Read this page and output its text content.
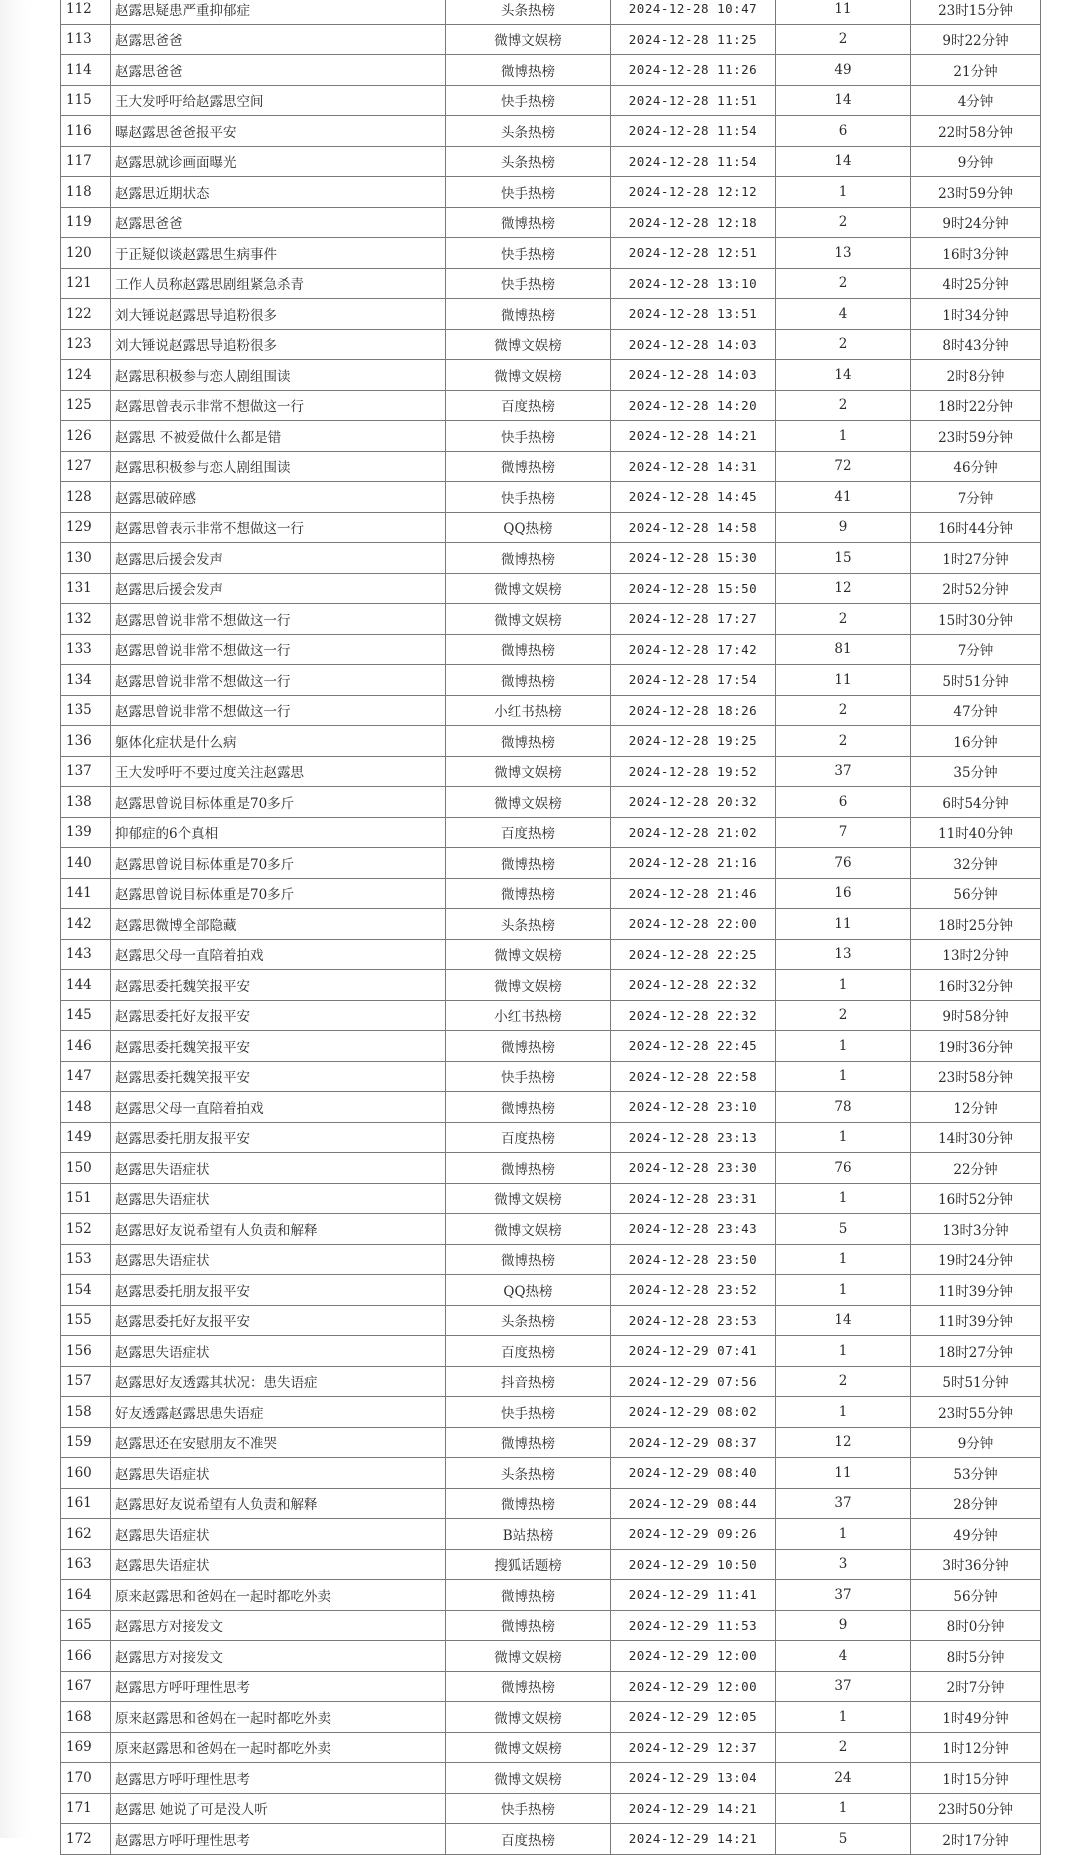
112	赵露思疑患严重抑郁症	头条热榜	2024-12-28 10:47	11	23时15分钟
113	赵露思爸爸	微博文娱榜	2024-12-28 11:25	2	9时22分钟
114	赵露思爸爸	微博热榜	2024-12-28 11:26	49	21分钟
115	王大发呼吁给赵露思空间	快手热榜	2024-12-28 11:51	14	4分钟
116	曝赵露思爸爸报平安	头条热榜	2024-12-28 11:54	6	22时58分钟
117	赵露思就诊画面曝光	头条热榜	2024-12-28 11:54	14	9分钟
118	赵露思近期状态	快手热榜	2024-12-28 12:12	1	23时59分钟
119	赵露思爸爸	微博热榜	2024-12-28 12:18	2	9时24分钟
120	于正疑似谈赵露思生病事件	快手热榜	2024-12-28 12:51	13	16时3分钟
121	工作人员称赵露思剧组紧急杀青	快手热榜	2024-12-28 13:10	2	4时25分钟
122	刘大锤说赵露思导追粉很多	微博热榜	2024-12-28 13:51	4	1时34分钟
123	刘大锤说赵露思导追粉很多	微博文娱榜	2024-12-28 14:03	2	8时43分钟
124	赵露思积极参与恋人剧组围读	微博文娱榜	2024-12-28 14:03	14	2时8分钟
125	赵露思曾表示非常不想做这一行	百度热榜	2024-12-28 14:20	2	18时22分钟
126	赵露思 不被爱做什么都是错	快手热榜	2024-12-28 14:21	1	23时59分钟
127	赵露思积极参与恋人剧组围读	微博热榜	2024-12-28 14:31	72	46分钟
128	赵露思破碎感	快手热榜	2024-12-28 14:45	41	7分钟
129	赵露思曾表示非常不想做这一行	QQ热榜	2024-12-28 14:58	9	16时44分钟
130	赵露思后援会发声	微博热榜	2024-12-28 15:30	15	1时27分钟
131	赵露思后援会发声	微博文娱榜	2024-12-28 15:50	12	2时52分钟
132	赵露思曾说非常不想做这一行	微博文娱榜	2024-12-28 17:27	2	15时30分钟
133	赵露思曾说非常不想做这一行	微博热榜	2024-12-28 17:42	81	7分钟
134	赵露思曾说非常不想做这一行	微博热榜	2024-12-28 17:54	11	5时51分钟
135	赵露思曾说非常不想做这一行	小红书热榜	2024-12-28 18:26	2	47分钟
136	躯体化症状是什么病	微博热榜	2024-12-28 19:25	2	16分钟
137	王大发呼吁不要过度关注赵露思	微博文娱榜	2024-12-28 19:52	37	35分钟
138	赵露思曾说目标体重是70多斤	微博文娱榜	2024-12-28 20:32	6	6时54分钟
139	抑郁症的6个真相	百度热榜	2024-12-28 21:02	7	11时40分钟
140	赵露思曾说目标体重是70多斤	微博热榜	2024-12-28 21:16	76	32分钟
141	赵露思曾说目标体重是70多斤	微博热榜	2024-12-28 21:46	16	56分钟
142	赵露思微博全部隐藏	头条热榜	2024-12-28 22:00	11	18时25分钟
143	赵露思父母一直陪着拍戏	微博文娱榜	2024-12-28 22:25	13	13时2分钟
144	赵露思委托魏笑报平安	微博文娱榜	2024-12-28 22:32	1	16时32分钟
145	赵露思委托好友报平安	小红书热榜	2024-12-28 22:32	2	9时58分钟
146	赵露思委托魏笑报平安	微博热榜	2024-12-28 22:45	1	19时36分钟
147	赵露思委托魏笑报平安	快手热榜	2024-12-28 22:58	1	23时58分钟
148	赵露思父母一直陪着拍戏	微博热榜	2024-12-28 23:10	78	12分钟
149	赵露思委托朋友报平安	百度热榜	2024-12-28 23:13	1	14时30分钟
150	赵露思失语症状	微博热榜	2024-12-28 23:30	76	22分钟
151	赵露思失语症状	微博文娱榜	2024-12-28 23:31	1	16时52分钟
152	赵露思好友说希望有人负责和解释	微博文娱榜	2024-12-28 23:43	5	13时3分钟
153	赵露思失语症状	微博热榜	2024-12-28 23:50	1	19时24分钟
154	赵露思委托朋友报平安	QQ热榜	2024-12-28 23:52	1	11时39分钟
155	赵露思委托好友报平安	头条热榜	2024-12-28 23:53	14	11时39分钟
156	赵露思失语症状	百度热榜	2024-12-29 07:41	1	18时27分钟
157	赵露思好友透露其状况：患失语症	抖音热榜	2024-12-29 07:56	2	5时51分钟
158	好友透露赵露思患失语症	快手热榜	2024-12-29 08:02	1	23时55分钟
159	赵露思还在安慰朋友不准哭	微博热榜	2024-12-29 08:37	12	9分钟
160	赵露思失语症状	头条热榜	2024-12-29 08:40	11	53分钟
161	赵露思好友说希望有人负责和解释	微博热榜	2024-12-29 08:44	37	28分钟
162	赵露思失语症状	B站热榜	2024-12-29 09:26	1	49分钟
163	赵露思失语症状	搜狐话题榜	2024-12-29 10:50	3	3时36分钟
164	原来赵露思和爸妈在一起时都吃外卖	微博热榜	2024-12-29 11:41	37	56分钟
165	赵露思方对接发文	微博热榜	2024-12-29 11:53	9	8时0分钟
166	赵露思方对接发文	微博文娱榜	2024-12-29 12:00	4	8时5分钟
167	赵露思方呼吁理性思考	微博热榜	2024-12-29 12:00	37	2时7分钟
168	原来赵露思和爸妈在一起时都吃外卖	微博文娱榜	2024-12-29 12:05	1	1时49分钟
169	原来赵露思和爸妈在一起时都吃外卖	微博文娱榜	2024-12-29 12:37	2	1时12分钟
170	赵露思方呼吁理性思考	微博文娱榜	2024-12-29 13:04	24	1时15分钟
171	赵露思 她说了可是没人听	快手热榜	2024-12-29 14:21	1	23时50分钟
172	赵露思方呼吁理性思考	百度热榜	2024-12-29 14:21	5	2时17分钟
